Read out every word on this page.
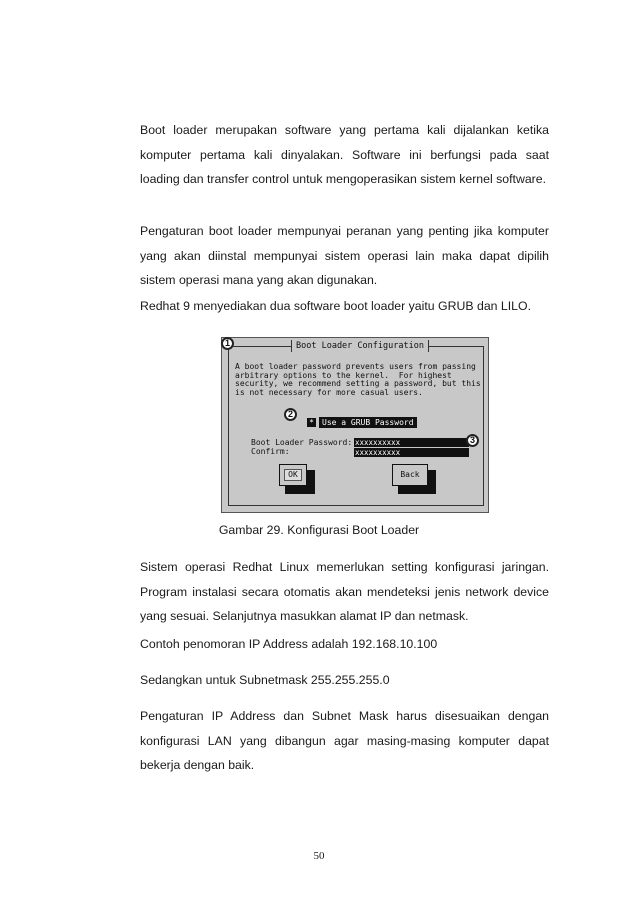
Boot loader merupakan software yang pertama kali dijalankan ketika komputer pertama kali dinyalakan. Software ini berfungsi pada saat loading dan transfer control untuk mengoperasikan sistem kernel software.

Pengaturan boot loader mempunyai peranan yang penting jika komputer yang akan diinstal mempunyai sistem operasi lain maka dapat dipilih sistem operasi mana yang akan digunakan.

Redhat 9 menyediakan dua software boot loader yaitu GRUB dan LILO.

Boot Loader Configuration
A boot loader password prevents users from passing
arbitrary options to the kernel.  For highest
security, we recommend setting a password, but this
is not necessary for more casual users.
*	Use a GRUB Password
Boot Loader Password:
Confirm:
xxxxxxxxxx
xxxxxxxxxx
OK	Back
1
2
3
Gambar 29. Konfigurasi Boot Loader

Sistem operasi Redhat Linux memerlukan setting konfigurasi jaringan. Program instalasi secara otomatis akan mendeteksi jenis network device yang sesuai. Selanjutnya masukkan alamat IP dan netmask.

Contoh penomoran IP Address adalah 192.168.10.100

Sedangkan untuk Subnetmask 255.255.255.0

Pengaturan IP Address dan Subnet Mask harus disesuaikan dengan konfigurasi LAN yang dibangun agar masing-masing komputer dapat bekerja dengan baik.

50
